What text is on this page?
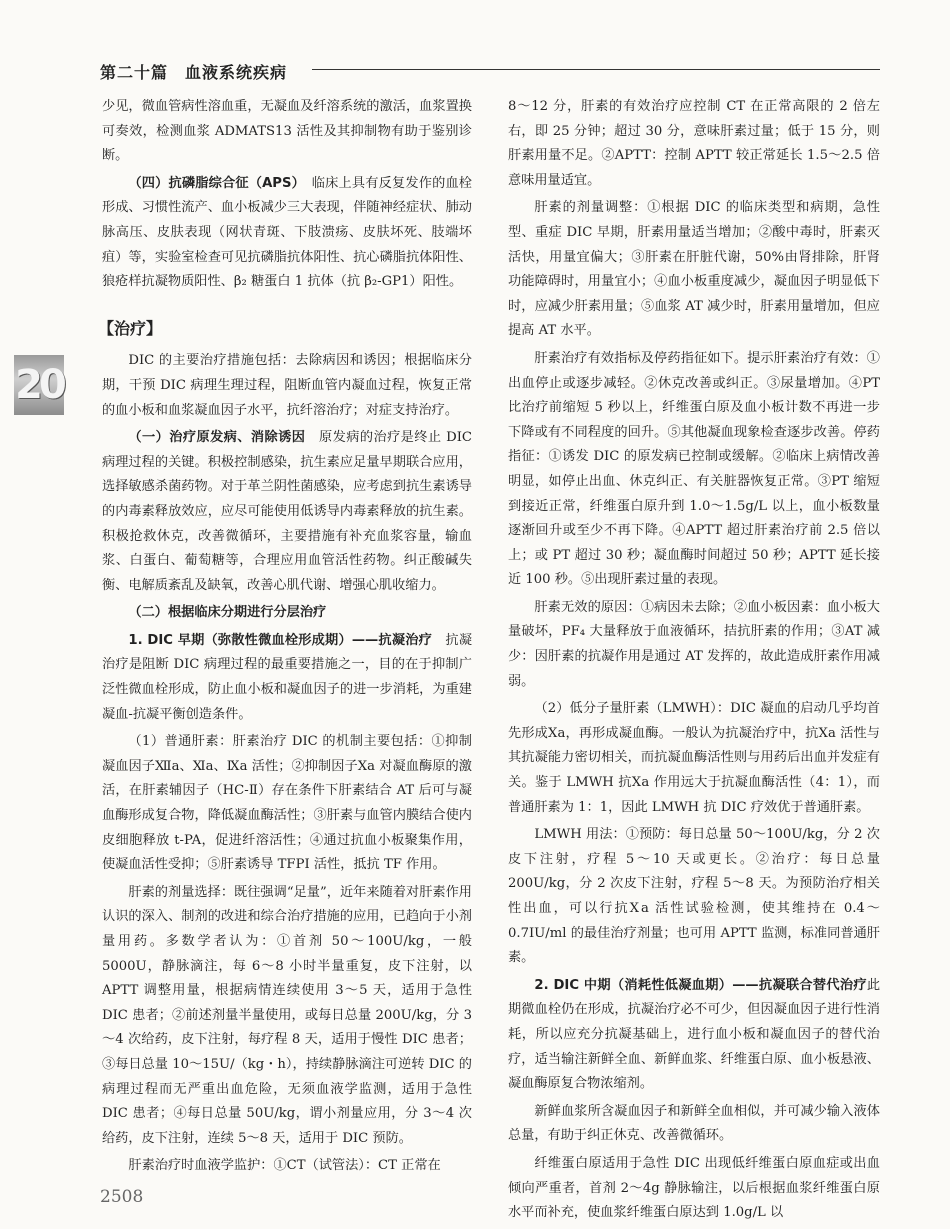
第二十篇　血液系统疾病
20

少见，微血管病性溶血重，无凝血及纤溶系统的激活，血浆置换可奏效，检测血浆 ADMATS13 活性及其抑制物有助于鉴别诊断。

（四）抗磷脂综合征（APS）　 临床上具有反复发作的血栓形成、习惯性流产、血小板减少三大表现，伴随神经症状、肺动脉高压、皮肤表现（网状青斑、下肢溃疡、皮肤坏死、肢端坏疽）等，实验室检查可见抗磷脂抗体阳性、抗心磷脂抗体阳性、狼疮样抗凝物质阳性、β₂ 糖蛋白 1 抗体（抗 β₂-GP1）阳性。

【治疗】

DIC 的主要治疗措施包括：去除病因和诱因；根据临床分期，干预 DIC 病理生理过程，阻断血管内凝血过程，恢复正常的血小板和血浆凝血因子水平，抗纤溶治疗；对症支持治疗。

（一）治疗原发病、消除诱因　 原发病的治疗是终止 DIC 病理过程的关键。积极控制感染，抗生素应足量早期联合应用，选择敏感杀菌药物。对于革兰阴性菌感染，应考虑到抗生素诱导的内毒素释放效应，应尽可能使用低诱导内毒素释放的抗生素。积极抢救休克，改善微循环，主要措施有补充血浆容量，输血浆、白蛋白、葡萄糖等，合理应用血管活性药物。纠正酸碱失衡、电解质紊乱及缺氧，改善心肌代谢、增强心肌收缩力。

（二）根据临床分期进行分层治疗

1. DIC 早期（弥散性微血栓形成期）——抗凝治疗　 抗凝治疗是阻断 DIC 病理过程的最重要措施之一，目的在于抑制广泛性微血栓形成，防止血小板和凝血因子的进一步消耗，为重建凝血-抗凝平衡创造条件。

（1）普通肝素：肝素治疗 DIC 的机制主要包括：①抑制凝血因子Ⅻa、Ⅺa、Ⅸa 活性；②抑制因子Ⅹa 对凝血酶原的激活，在肝素辅因子（HC-Ⅱ）存在条件下肝素结合 AT 后可与凝血酶形成复合物，降低凝血酶活性；③肝素与血管内膜结合使内皮细胞释放 t-PA，促进纤溶活性；④通过抗血小板聚集作用，使凝血活性受抑；⑤肝素诱导 TFPI 活性，抵抗 TF 作用。

肝素的剂量选择：既往强调“足量”，近年来随着对肝素作用认识的深入、制剂的改进和综合治疗措施的应用，已趋向于小剂量用药。多数学者认为：①首剂 50～100U/kg，一般 5000U，静脉滴注，每 6～8 小时半量重复，皮下注射，以 APTT 调整用量，根据病情连续使用 3～5 天，适用于急性 DIC 患者；②前述剂量半量使用，或每日总量 200U/kg，分 3～4 次给药，皮下注射，每疗程 8 天，适用于慢性 DIC 患者；③每日总量 10～15U/（kg・h），持续静脉滴注可逆转 DIC 的病理过程而无严重出血危险，无须血液学监测，适用于急性 DIC 患者；④每日总量 50U/kg，谓小剂量应用，分 3～4 次给药，皮下注射，连续 5～8 天，适用于 DIC 预防。

肝素治疗时血液学监护：①CT（试管法）：CT 正常在

8～12 分，肝素的有效治疗应控制 CT 在正常高限的 2 倍左右，即 25 分钟；超过 30 分，意味肝素过量；低于 15 分，则肝素用量不足。②APTT：控制 APTT 较正常延长 1.5～2.5 倍意味用量适宜。

肝素的剂量调整：①根据 DIC 的临床类型和病期，急性型、重症 DIC 早期，肝素用量适当增加；②酸中毒时，肝素灭活快，用量宜偏大；③肝素在肝脏代谢，50%由肾排除，肝肾功能障碍时，用量宜小；④血小板重度减少，凝血因子明显低下时，应减少肝素用量；⑤血浆 AT 减少时，肝素用量增加，但应提高 AT 水平。

肝素治疗有效指标及停药指征如下。提示肝素治疗有效：①出血停止或逐步减轻。②休克改善或纠正。③尿量增加。④PT 比治疗前缩短 5 秒以上，纤维蛋白原及血小板计数不再进一步下降或有不同程度的回升。⑤其他凝血现象检查逐步改善。停药指征：①诱发 DIC 的原发病已控制或缓解。②临床上病情改善明显，如停止出血、休克纠正、有关脏器恢复正常。③PT 缩短到接近正常，纤维蛋白原升到 1.0～1.5g/L 以上，血小板数量逐渐回升或至少不再下降。④APTT 超过肝素治疗前 2.5 倍以上；或 PT 超过 30 秒；凝血酶时间超过 50 秒；APTT 延长接近 100 秒。⑤出现肝素过量的表现。

肝素无效的原因：①病因未去除；②血小板因素：血小板大量破坏，PF₄ 大量释放于血液循环，拮抗肝素的作用；③AT 减少：因肝素的抗凝作用是通过 AT 发挥的，故此造成肝素作用减弱。

（2）低分子量肝素（LMWH）：DIC 凝血的启动几乎均首先形成Ⅹa，再形成凝血酶。一般认为抗凝治疗中，抗Ⅹa 活性与其抗凝能力密切相关，而抗凝血酶活性则与用药后出血并发症有关。鉴于 LMWH 抗Ⅹa 作用远大于抗凝血酶活性（4：1），而普通肝素为 1：1，因此 LMWH 抗 DIC 疗效优于普通肝素。

LMWH 用法：①预防：每日总量 50～100U/kg，分 2 次皮下注射，疗程 5～10 天或更长。②治疗：每日总量 200U/kg，分 2 次皮下注射，疗程 5～8 天。为预防治疗相关性出血，可以行抗Ⅹa 活性试验检测，使其维持在 0.4～0.7IU/ml 的最佳治疗剂量；也可用 APTT 监测，标准同普通肝素。

2. DIC 中期（消耗性低凝血期）——抗凝联合替代治疗此期微血栓仍在形成，抗凝治疗必不可少，但因凝血因子进行性消耗，所以应充分抗凝基础上，进行血小板和凝血因子的替代治疗，适当输注新鲜全血、新鲜血浆、纤维蛋白原、血小板悬液、凝血酶原复合物浓缩剂。

新鲜血浆所含凝血因子和新鲜全血相似，并可减少输入液体总量，有助于纠正休克、改善微循环。

纤维蛋白原适用于急性 DIC 出现低纤维蛋白原血症或出血倾向严重者，首剂 2～4g 静脉输注，以后根据血浆纤维蛋白原水平而补充，使血浆纤维蛋白原达到 1.0g/L 以

2508
